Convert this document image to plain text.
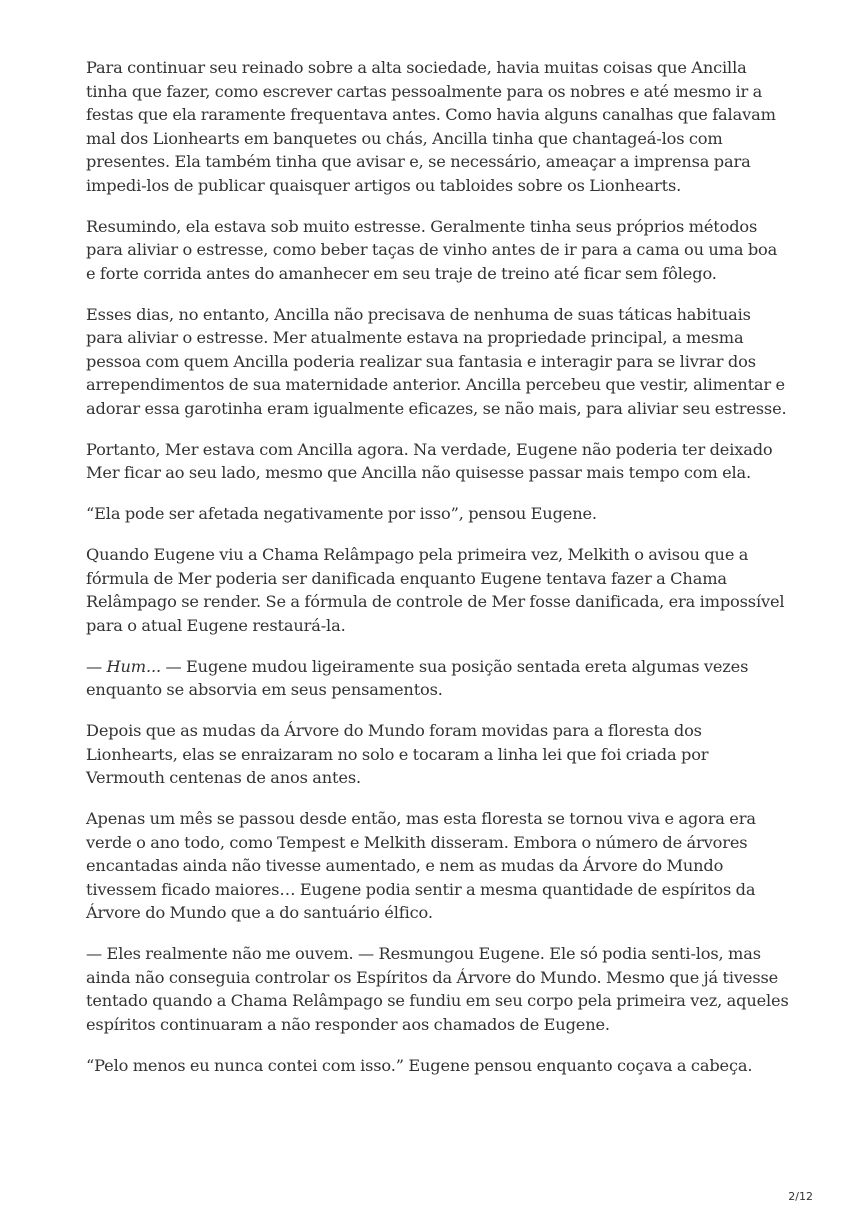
Para continuar seu reinado sobre a alta sociedade, havia muitas coisas que Ancilla tinha que fazer, como escrever cartas pessoalmente para os nobres e até mesmo ir a festas que ela raramente frequentava antes. Como havia alguns canalhas que falavam mal dos Lionhearts em banquetes ou chás, Ancilla tinha que chantageá-los com presentes. Ela também tinha que avisar e, se necessário, ameaçar a imprensa para impedi-los de publicar quaisquer artigos ou tabloides sobre os Lionhearts.

Resumindo, ela estava sob muito estresse. Geralmente tinha seus próprios métodos para aliviar o estresse, como beber taças de vinho antes de ir para a cama ou uma boa e forte corrida antes do amanhecer em seu traje de treino até ficar sem fôlego.

Esses dias, no entanto, Ancilla não precisava de nenhuma de suas táticas habituais para aliviar o estresse. Mer atualmente estava na propriedade principal, a mesma pessoa com quem Ancilla poderia realizar sua fantasia e interagir para se livrar dos arrependimentos de sua maternidade anterior. Ancilla percebeu que vestir, alimentar e adorar essa garotinha eram igualmente eficazes, se não mais, para aliviar seu estresse.

Portanto, Mer estava com Ancilla agora. Na verdade, Eugene não poderia ter deixado Mer ficar ao seu lado, mesmo que Ancilla não quisesse passar mais tempo com ela.

“Ela pode ser afetada negativamente por isso”, pensou Eugene.

Quando Eugene viu a Chama Relâmpago pela primeira vez, Melkith o avisou que a fórmula de Mer poderia ser danificada enquanto Eugene tentava fazer a Chama Relâmpago se render. Se a fórmula de controle de Mer fosse danificada, era impossível para o atual Eugene restaurá-la.

— Hum... — Eugene mudou ligeiramente sua posição sentada ereta algumas vezes enquanto se absorvia em seus pensamentos.

Depois que as mudas da Árvore do Mundo foram movidas para a floresta dos Lionhearts, elas se enraizaram no solo e tocaram a linha lei que foi criada por Vermouth centenas de anos antes.

Apenas um mês se passou desde então, mas esta floresta se tornou viva e agora era verde o ano todo, como Tempest e Melkith disseram. Embora o número de árvores encantadas ainda não tivesse aumentado, e nem as mudas da Árvore do Mundo tivessem ficado maiores… Eugene podia sentir a mesma quantidade de espíritos da Árvore do Mundo que a do santuário élfico.

— Eles realmente não me ouvem. — Resmungou Eugene. Ele só podia senti-los, mas ainda não conseguia controlar os Espíritos da Árvore do Mundo. Mesmo que já tivesse tentado quando a Chama Relâmpago se fundiu em seu corpo pela primeira vez, aqueles espíritos continuaram a não responder aos chamados de Eugene.

“Pelo menos eu nunca contei com isso.” Eugene pensou enquanto coçava a cabeça.

2/12
